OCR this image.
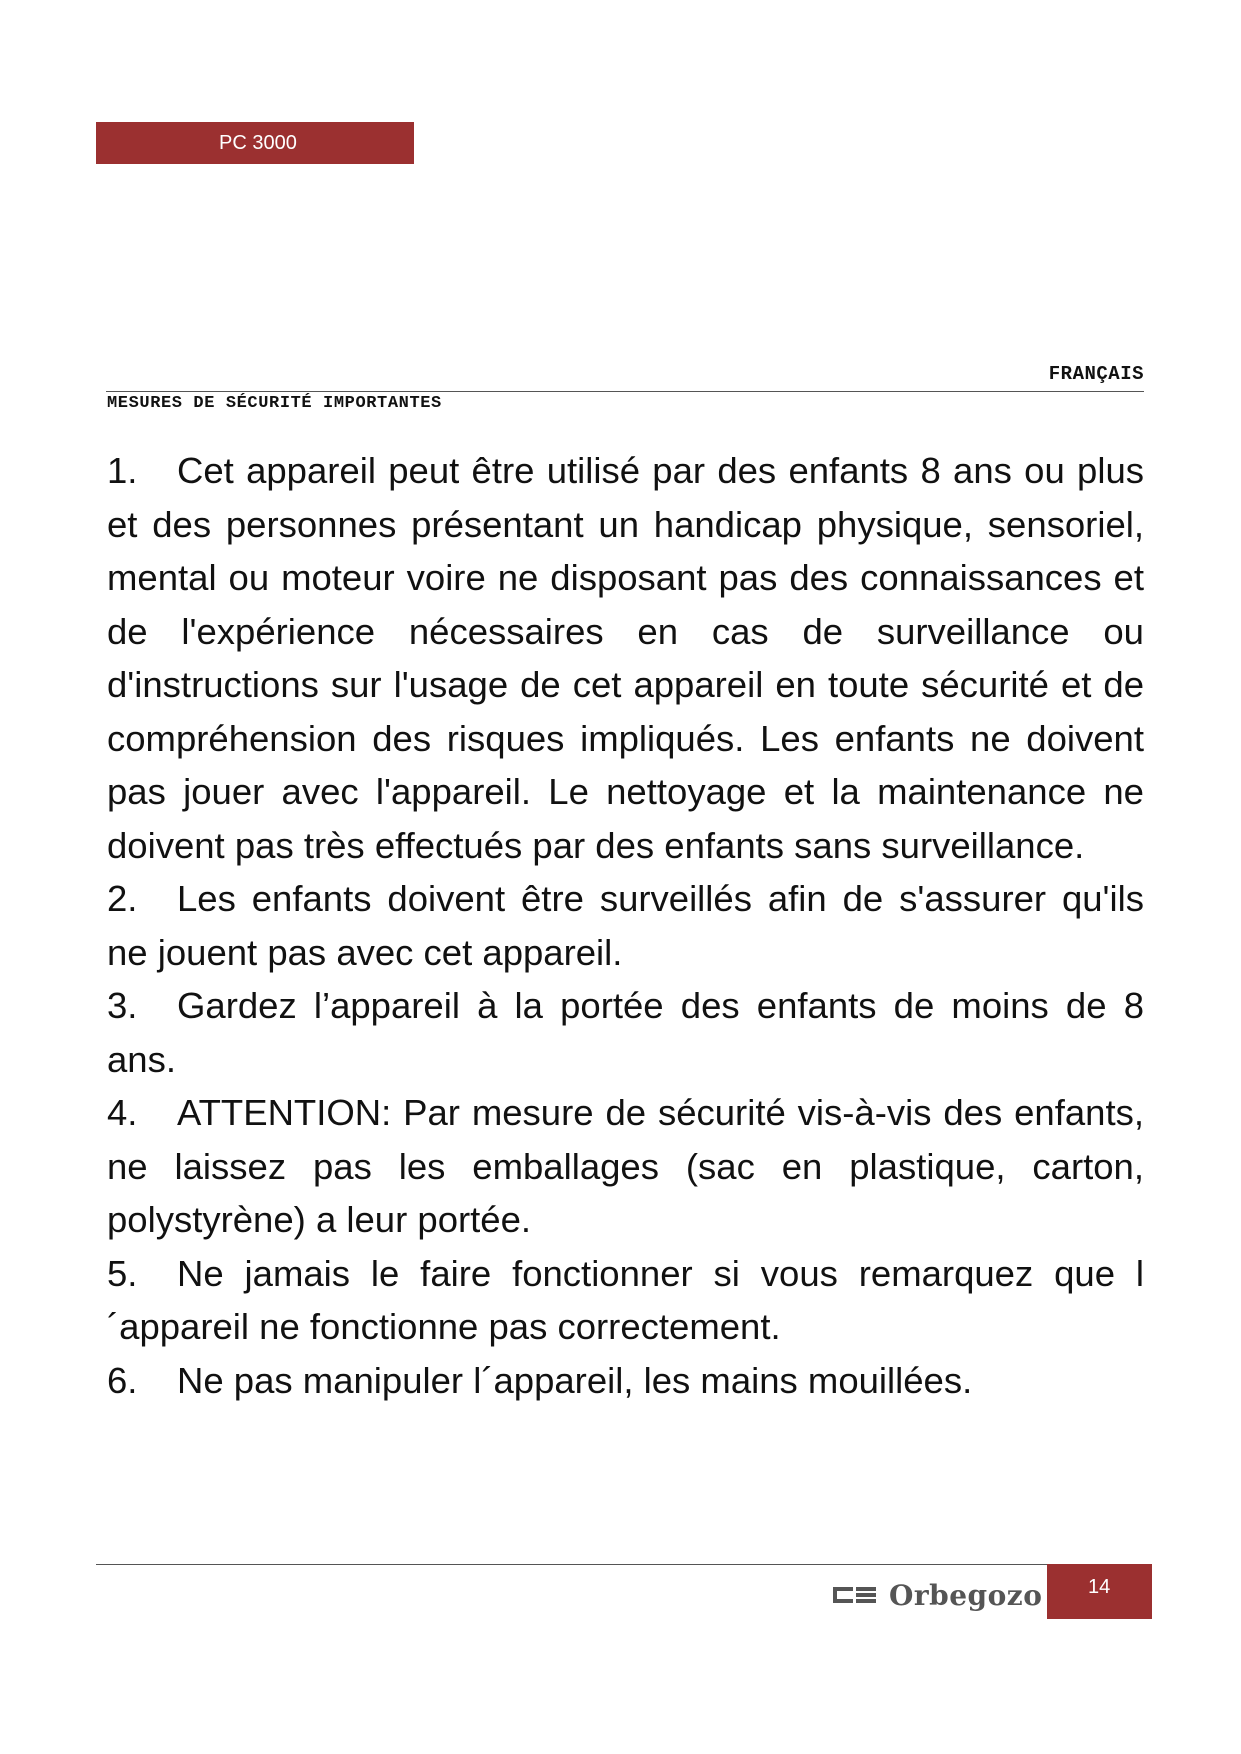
PC 3000
FRANÇAIS
MESURES DE SÉCURITÉ IMPORTANTES

1. Cet appareil peut être utilisé par des enfants 8 ans ou plus et des personnes présentant un handicap physique, sensoriel, mental ou moteur voire ne disposant pas des connaissances et de l'expérience nécessaires en cas de surveillance ou d'instructions sur l'usage de cet appareil en toute sécurité et de compréhension des risques impliqués. Les enfants ne doivent pas jouer avec l'appareil. Le nettoyage et la maintenance ne doivent pas très effectués par des enfants sans surveillance.

2. Les enfants doivent être surveillés afin de s'assurer qu'ils ne jouent pas avec cet appareil.

3. Gardez l’appareil à la portée des enfants de moins de 8 ans.

4. ATTENTION: Par mesure de sécurité vis-à-vis des enfants, ne laissez pas les emballages (sac en plastique, carton, polystyrène) a leur portée.

5. Ne jamais le faire fonctionner si vous remarquez que l´appareil ne fonctionne pas correctement.

6. Ne pas manipuler l´appareil, les mains mouillées.

Orbegozo 14
